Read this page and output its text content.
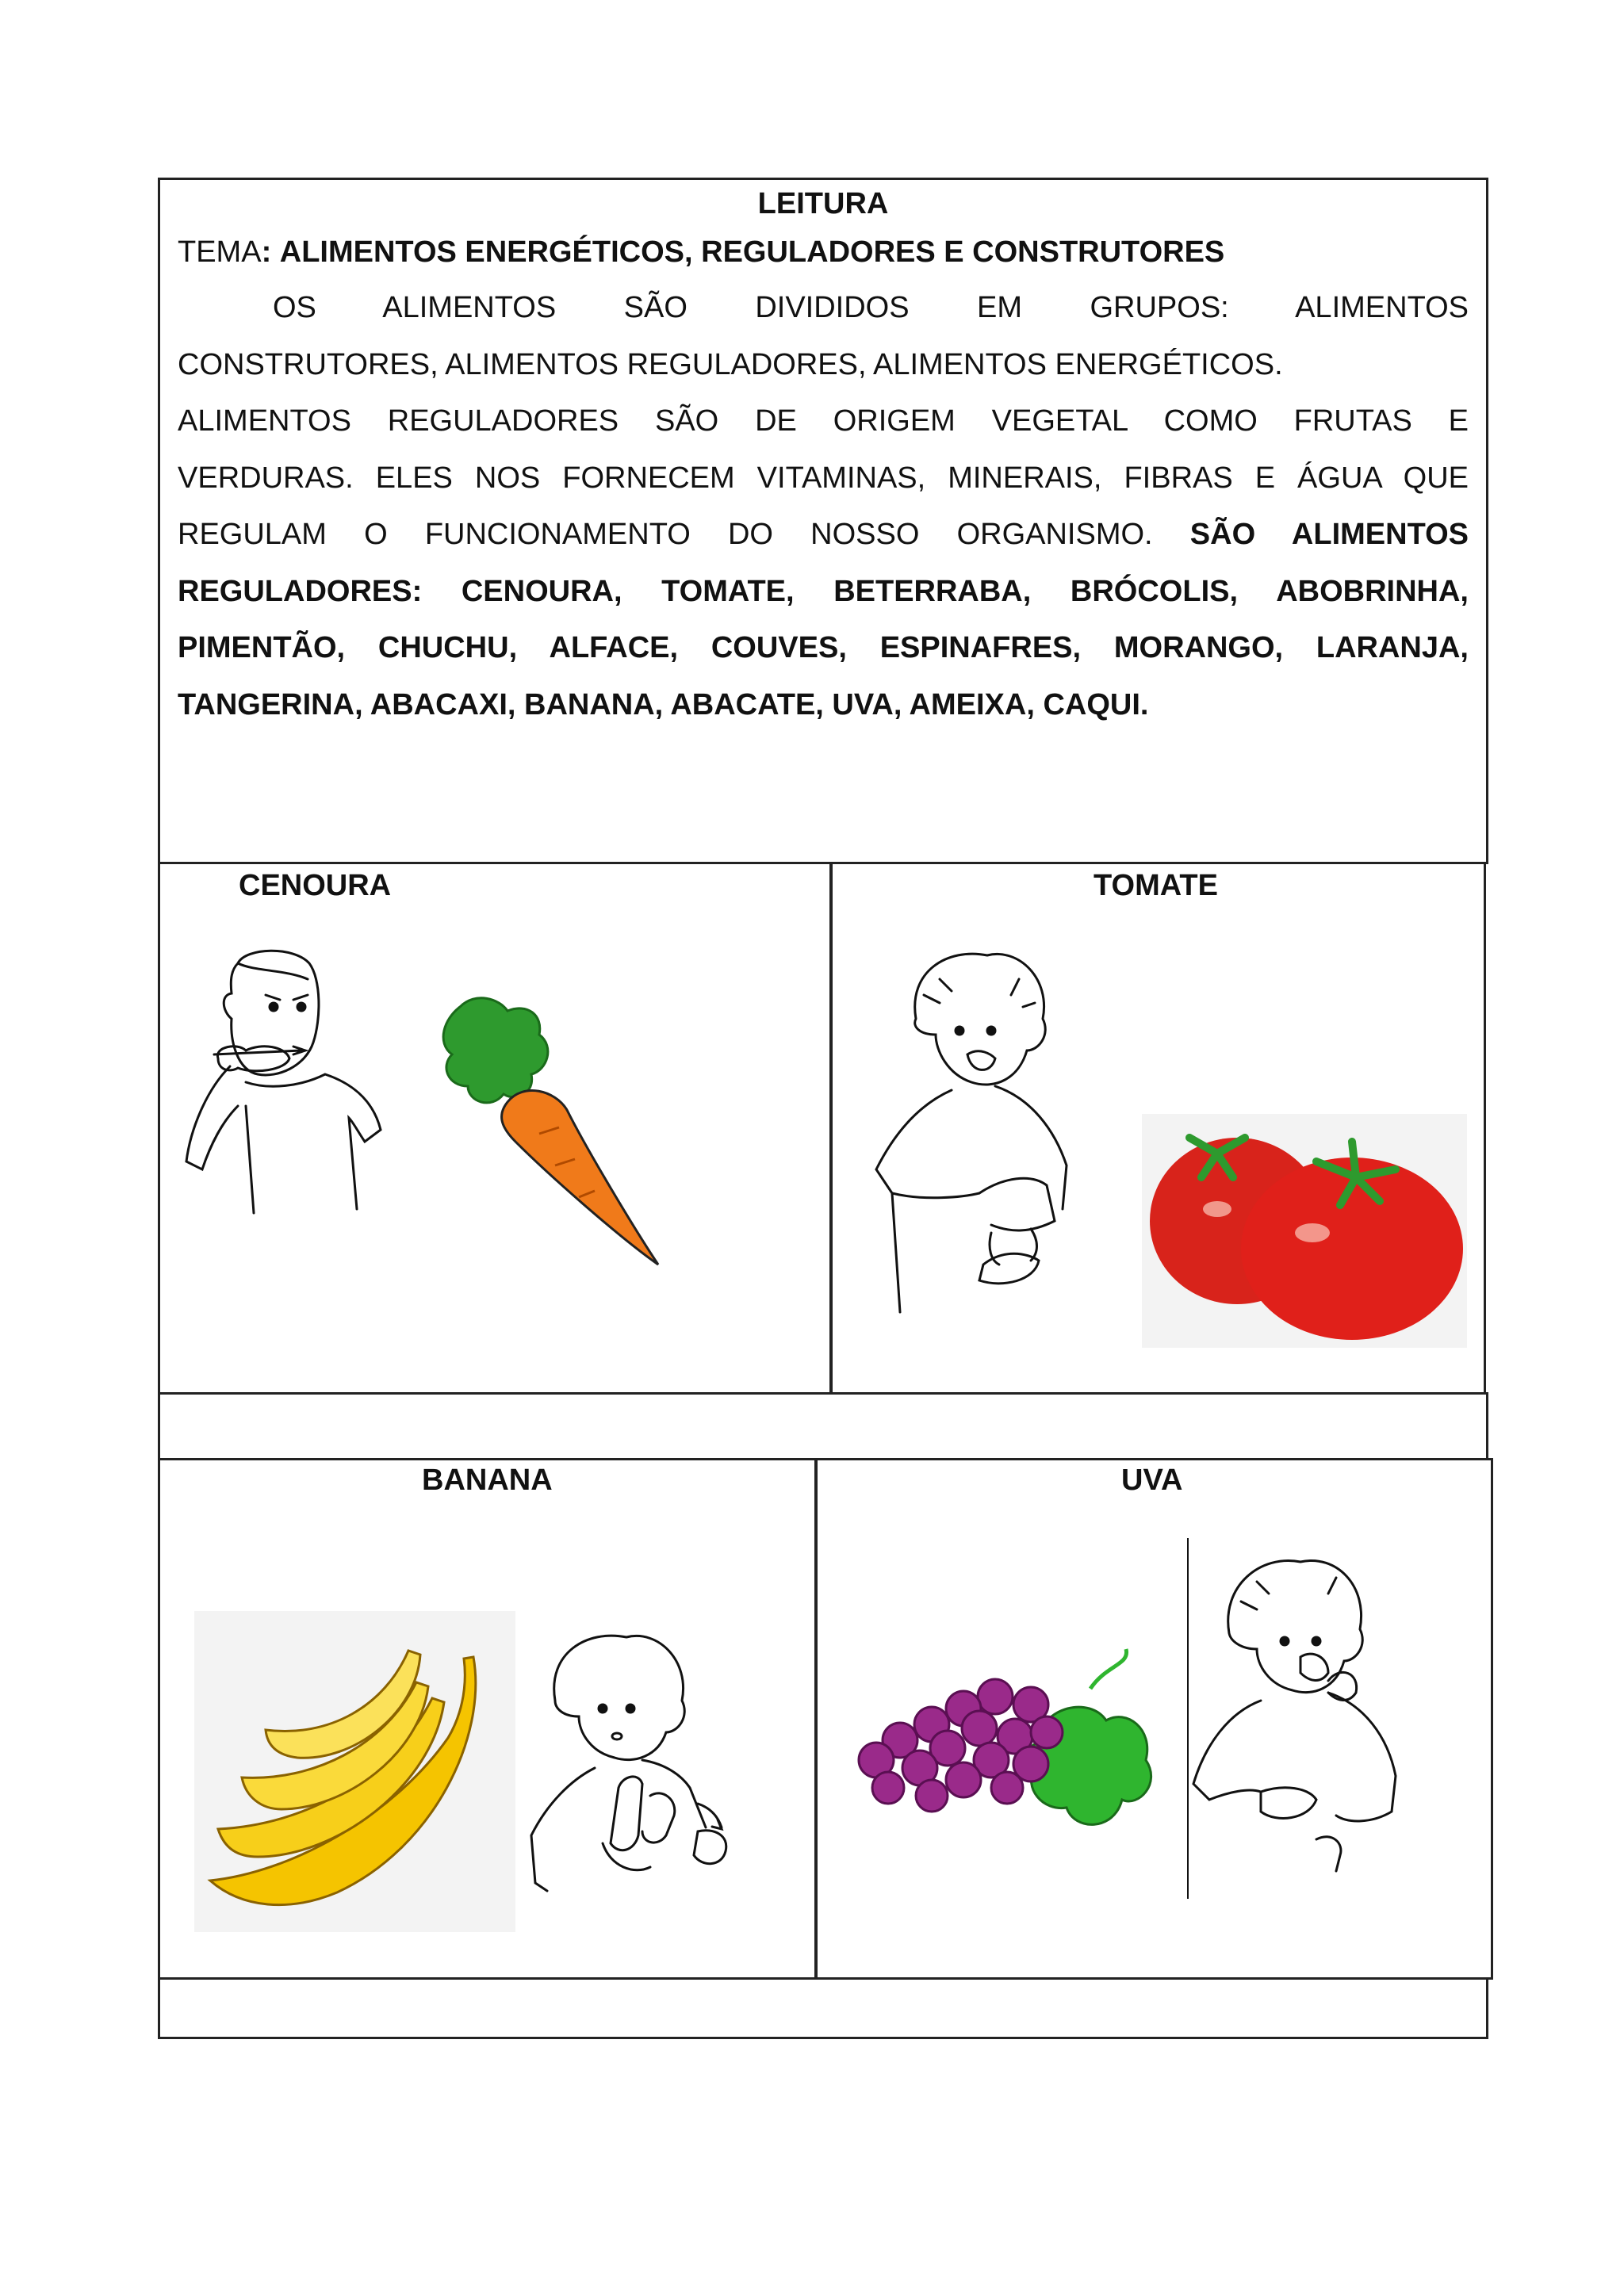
LEITURA
TEMA: ALIMENTOS ENERGÉTICOS, REGULADORES E CONSTRUTORES

OS ALIMENTOS SÃO DIVIDIDOS EM GRUPOS: ALIMENTOS

CONSTRUTORES, ALIMENTOS REGULADORES, ALIMENTOS ENERGÉTICOS.

ALIMENTOS REGULADORES SÃO DE ORIGEM VEGETAL COMO FRUTAS E

VERDURAS. ELES NOS FORNECEM VITAMINAS, MINERAIS, FIBRAS E ÁGUA QUE

REGULAM O FUNCIONAMENTO DO NOSSO ORGANISMO. SÃO ALIMENTOS

REGULADORES: CENOURA, TOMATE, BETERRABA, BRÓCOLIS, ABOBRINHA,

PIMENTÃO, CHUCHU, ALFACE, COUVES, ESPINAFRES, MORANGO, LARANJA,

TANGERINA, ABACAXI, BANANA, ABACATE, UVA, AMEIXA, CAQUI.

CENOURA	TOMATE
BANANA	UVA
